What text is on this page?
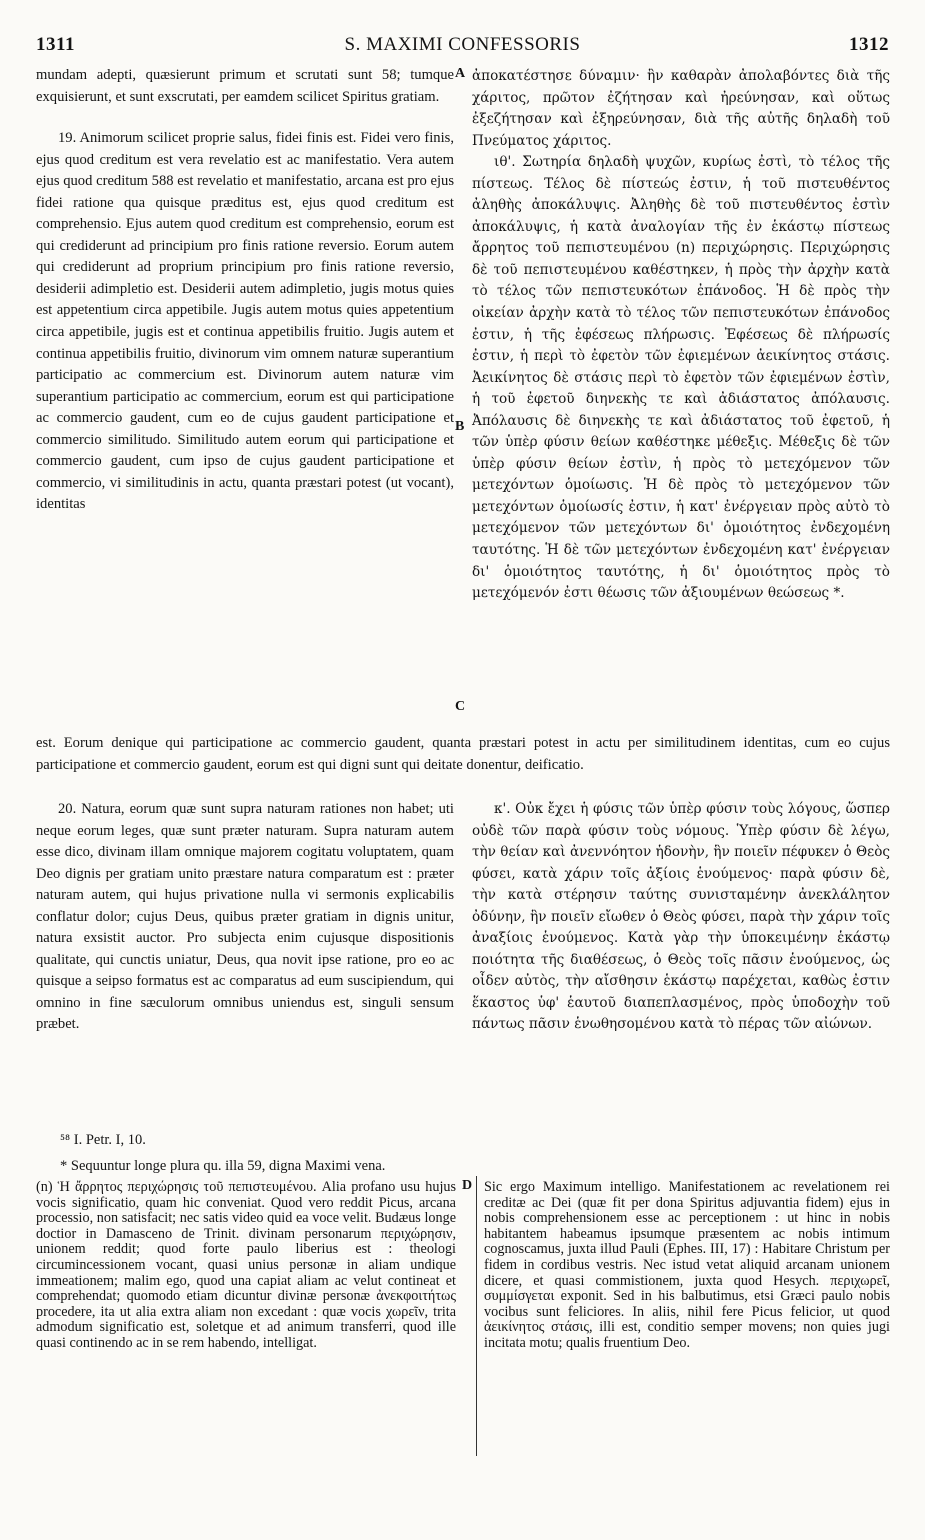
1311	S. MAXIMI CONFESSORIS	1312
A
B
C
D

mundam adepti, quæsierunt primum et scrutati sunt 58; tumque exquisierunt, et sunt exscrutati, per eamdem scilicet Spiritus gratiam.

19. Animorum scilicet proprie salus, fidei finis est. Fidei vero finis, ejus quod creditum est vera revelatio est ac manifestatio. Vera autem ejus quod creditum 588 est revelatio et manifestatio, arcana est pro ejus fidei ratione qua quisque præditus est, ejus quod creditum est comprehensio. Ejus autem quod creditum est comprehensio, eorum est qui crediderunt ad principium pro finis ratione reversio. Eorum autem qui crediderunt ad proprium principium pro finis ratione reversio, desiderii adimpletio est. Desiderii autem adimpletio, jugis motus quies est appetentium circa appetibile. Jugis autem motus quies appetentium circa appetibile, jugis est et continua appetibilis fruitio. Jugis autem et continua appetibilis fruitio, divinorum vim omnem naturæ superantium participatio ac commercium est. Divinorum autem naturæ vim superantium participatio ac commercium, eorum est qui participatione ac commercio gaudent, cum eo de cujus gaudent participatione et commercio similitudo. Similitudo autem eorum qui participatione et commercio gaudent, cum ipso de cujus gaudent participatione et commercio, vi similitudinis in actu, quanta præstari potest (ut vocant), identitas

ἀποκατέστησε δύναμιν· ἣν καθαρὰν ἀπολαβόντες διὰ τῆς χάριτος, πρῶτον ἐζήτησαν καὶ ἠρεύνησαν, καὶ οὕτως ἐξεζήτησαν καὶ ἐξηρεύνησαν, διὰ τῆς αὐτῆς δηλαδὴ τοῦ Πνεύματος χάριτος.

ιθ'. Σωτηρία δηλαδὴ ψυχῶν, κυρίως ἐστὶ, τὸ τέλος τῆς πίστεως. Τέλος δὲ πίστεώς ἐστιν, ἡ τοῦ πιστευθέντος ἀληθὴς ἀποκάλυψις. Ἀληθὴς δὲ τοῦ πιστευθέντος ἐστὶν ἀποκάλυψις, ἡ κατὰ ἀναλογίαν τῆς ἐν ἑκάστῳ πίστεως ἄρρητος τοῦ πεπιστευμένου (n) περιχώρησις. Περιχώρησις δὲ τοῦ πεπιστευμένου καθέστηκεν, ἡ πρὸς τὴν ἀρχὴν κατὰ τὸ τέλος τῶν πεπιστευκότων ἐπάνοδος. Ἡ δὲ πρὸς τὴν οἰκείαν ἀρχὴν κατὰ τὸ τέλος τῶν πεπιστευκότων ἐπάνοδος ἐστιν, ἡ τῆς ἐφέσεως πλήρωσις. Ἐφέσεως δὲ πλήρωσίς ἐστιν, ἡ περὶ τὸ ἐφετὸν τῶν ἐφιεμένων ἀεικίνητος στάσις. Ἀεικίνητος δὲ στάσις περὶ τὸ ἐφετὸν τῶν ἐφιεμένων ἐστὶν, ἡ τοῦ ἐφετοῦ διηνεκὴς τε καὶ ἀδιάστατος ἀπόλαυσις. Ἀπόλαυσις δὲ διηνεκὴς τε καὶ ἀδιάστατος τοῦ ἐφετοῦ, ἡ τῶν ὑπὲρ φύσιν θείων καθέστηκε μέθεξις. Μέθεξις δὲ τῶν ὑπὲρ φύσιν θείων ἐστὶν, ἡ πρὸς τὸ μετεχόμενον τῶν μετεχόντων ὁμοίωσις. Ἡ δὲ πρὸς τὸ μετεχόμενον τῶν μετεχόντων ὁμοίωσίς ἐστιν, ἡ κατ' ἐνέργειαν πρὸς αὐτὸ τὸ μετεχόμενον τῶν μετεχόντων δι' ὁμοιότητος ἐνδεχομένη ταυτότης. Ἡ δὲ τῶν μετεχόντων ἐνδεχομένη κατ' ἐνέργειαν δι' ὁμοιότητος ταυτότης, ἡ δι' ὁμοιότητος πρὸς τὸ μετεχόμενόν ἐστι θέωσις τῶν ἀξιουμένων θεώσεως *.

est. Eorum denique qui participatione ac commercio gaudent, quanta præstari potest in actu per similitudinem identitas, cum eo cujus participatione et commercio gaudent, eorum est qui digni sunt qui deitate donentur, deificatio.

20. Natura, eorum quæ sunt supra naturam rationes non habet; uti neque eorum leges, quæ sunt præter naturam. Supra naturam autem esse dico, divinam illam omnique majorem cogitatu voluptatem, quam Deo dignis per gratiam unito præstare natura comparatum est : præter naturam autem, qui hujus privatione nulla vi sermonis explicabilis conflatur dolor; cujus Deus, quibus præter gratiam in dignis unitur, natura exsistit auctor. Pro subjecta enim cujusque dispositionis qualitate, qui cunctis uniatur, Deus, qua novit ipse ratione, pro eo ac quisque a seipso formatus est ac comparatus ad eum suscipiendum, qui omnino in fine sæculorum omnibus uniendus est, singuli sensum præbet.

κ'. Οὐκ ἔχει ἡ φύσις τῶν ὑπὲρ φύσιν τοὺς λόγους, ὥσπερ οὐδὲ τῶν παρὰ φύσιν τοὺς νόμους. Ὑπὲρ φύσιν δὲ λέγω, τὴν θείαν καὶ ἀνεννόητον ἡδονὴν, ἣν ποιεῖν πέφυκεν ὁ Θεὸς φύσει, κατὰ χάριν τοῖς ἀξίοις ἑνούμενος· παρὰ φύσιν δὲ, τὴν κατὰ στέρησιν ταύτης συνισταμένην ἀνεκλάλητον ὀδύνην, ἣν ποιεῖν εἴωθεν ὁ Θεὸς φύσει, παρὰ τὴν χάριν τοῖς ἀναξίοις ἑνούμενος. Κατὰ γὰρ τὴν ὑποκειμένην ἑκάστῳ ποιότητα τῆς διαθέσεως, ὁ Θεὸς τοῖς πᾶσιν ἑνούμενος, ὡς οἶδεν αὐτὸς, τὴν αἴσθησιν ἑκάστῳ παρέχεται, καθὼς ἐστιν ἕκαστος ὑφ' ἑαυτοῦ διαπεπλασμένος, πρὸς ὑποδοχὴν τοῦ πάντως πᾶσιν ἑνωθησομένου κατὰ τὸ πέρας τῶν αἰώνων.

⁵⁸ I. Petr. I, 10.

* Sequuntur longe plura qu. illa 59, digna Maximi vena.

(n) Ἡ ἄρρητος περιχώρησις τοῦ πεπιστευμένου. Alia profano usu hujus vocis significatio, quam hic conveniat. Quod vero reddit Picus, arcana processio, non satisfacit; nec satis video quid ea voce velit. Budæus longe doctior in Damasceno de Trinit. divinam personarum περιχώρησιν, unionem reddit; quod forte paulo liberius est : theologi circumincessionem vocant, quasi unius personæ in aliam undique immeationem; malim ego, quod una capiat aliam ac velut contineat et comprehendat; quomodo etiam dicuntur divinæ personæ ἀνεκφοιτήτως procedere, ita ut alia extra aliam non excedant : quæ vocis χωρεῖν, trita admodum significatio est, soletque et ad animum transferri, quod ille quasi continendo ac in se rem habendo, intelligat.

Sic ergo Maximum intelligo. Manifestationem ac revelationem rei creditæ ac Dei (quæ fit per dona Spiritus adjuvantia fidem) ejus in nobis comprehensionem esse ac perceptionem : ut hinc in nobis habitantem habeamus ipsumque præsentem ac nobis intimum cognoscamus, juxta illud Pauli (Ephes. III, 17) : Habitare Christum per fidem in cordibus vestris. Nec istud vetat aliquid arcanam unionem dicere, et quasi commistionem, juxta quod Hesych. περιχωρεῖ, συμμίσγεται exponit. Sed in his balbutimus, etsi Græci paulo nobis vocibus sunt feliciores. In aliis, nihil fere Picus felicior, ut quod ἀεικίνητος στάσις, illi est, conditio semper movens; non quies jugi incitata motu; qualis fruentium Deo.
